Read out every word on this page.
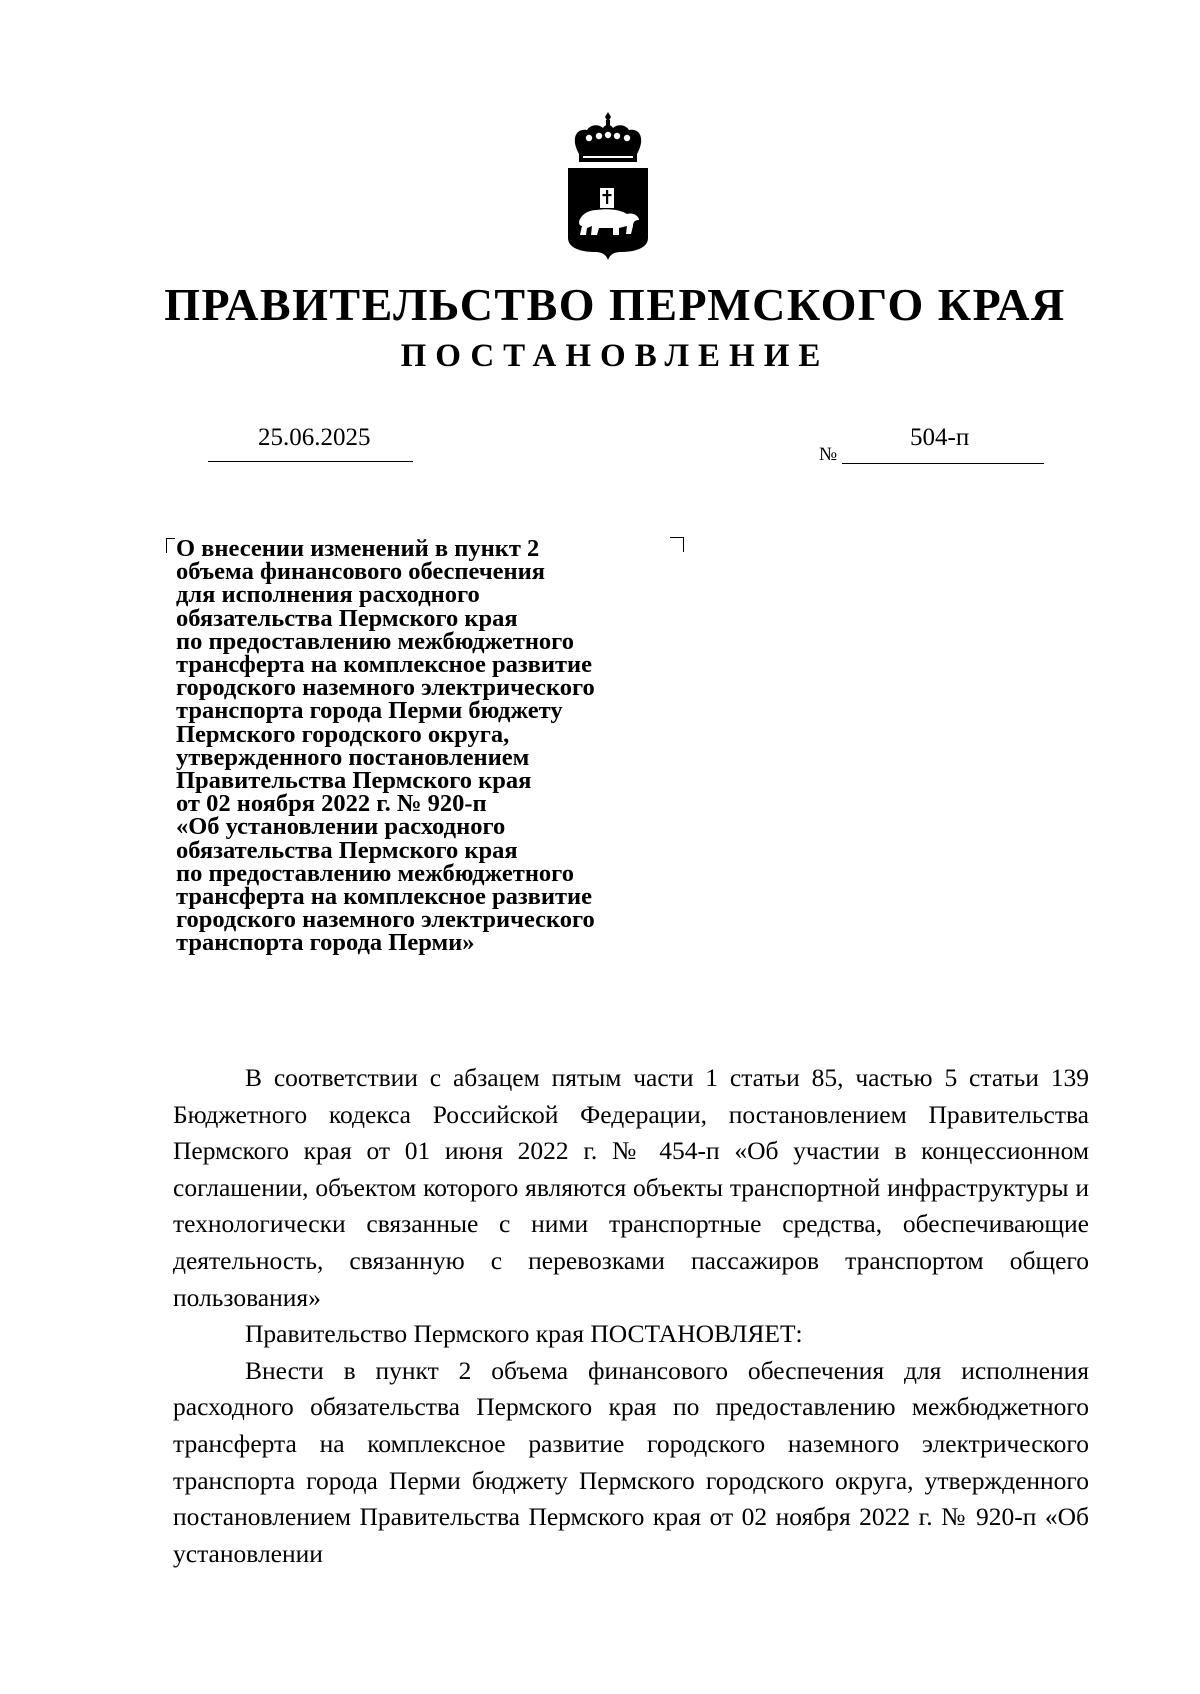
ПРАВИТЕЛЬСТВО ПЕРМСКОГО КРАЯ
ПОСТАНОВЛЕНИЕ
25.06.2025
№
504-п
О внесении изменений в пункт 2
объема финансового обеспечения
для исполнения расходного
обязательства Пермского края
по предоставлению межбюджетного
трансферта на комплексное развитие
городского наземного электрического
транспорта города Перми бюджету
Пермского городского округа,
утвержденного постановлением
Правительства Пермского края
от 02 ноября 2022 г. № 920-п
«Об установлении расходного
обязательства Пермского края
по предоставлению межбюджетного
трансферта на комплексное развитие
городского наземного электрического
транспорта города Перми»

В соответствии с абзацем пятым части 1 статьи 85, частью 5 статьи 139 Бюджетного кодекса Российской Федерации, постановлением Правительства Пермского края от 01 июня 2022 г. № 454-п «Об участии в концессионном соглашении, объектом которого являются объекты транспортной инфраструктуры и технологически связанные с ними транспортные средства, обеспечивающие деятельность, связанную с перевозками пассажиров транспортом общего пользования»

Правительство Пермского края ПОСТАНОВЛЯЕТ:

Внести в пункт 2 объема финансового обеспечения для исполнения расходного обязательства Пермского края по предоставлению межбюджетного трансферта на комплексное развитие городского наземного электрического транспорта города Перми бюджету Пермского городского округа, утвержденного постановлением Правительства Пермского края от 02 ноября 2022 г. № 920-п «Об установлении
